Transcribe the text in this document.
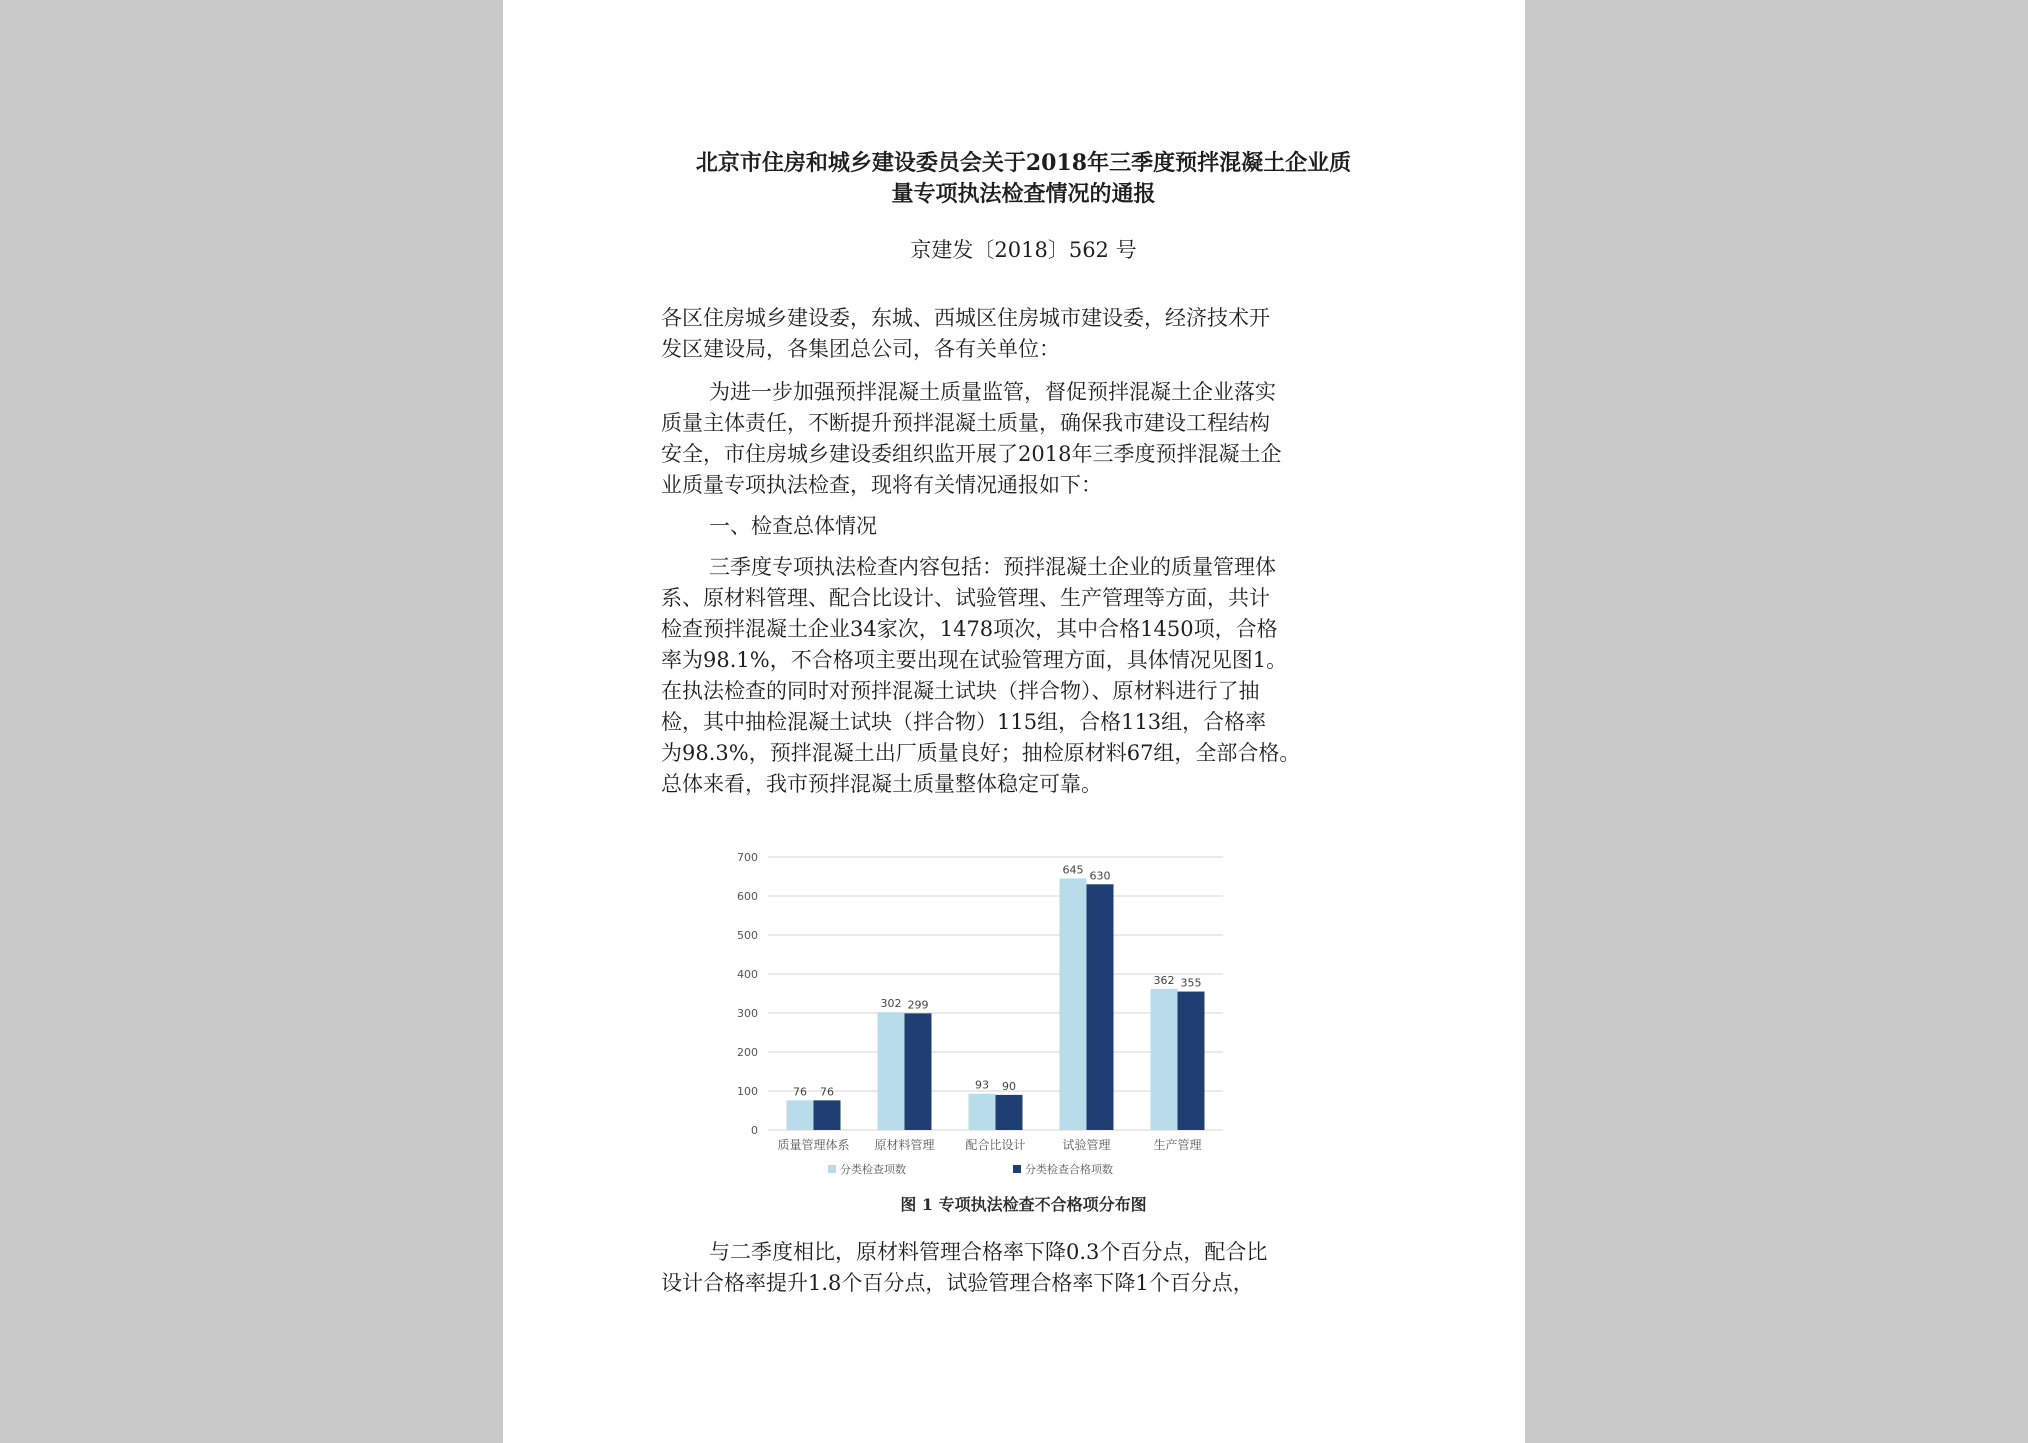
北京市住房和城乡建设委员会关于2018年三季度预拌混凝土企业质
量专项执法检查情况的通报
京建发〔2018〕562 号
各区住房城乡建设委，东城、西城区住房城市建设委，经济技术开
发区建设局，各集团总公司，各有关单位：
为进一步加强预拌混凝土质量监管，督促预拌混凝土企业落实
质量主体责任，不断提升预拌混凝土质量，确保我市建设工程结构
安全，市住房城乡建设委组织监开展了2018年三季度预拌混凝土企
业质量专项执法检查，现将有关情况通报如下：
一、检查总体情况
三季度专项执法检查内容包括：预拌混凝土企业的质量管理体
系、原材料管理、配合比设计、试验管理、生产管理等方面，共计
检查预拌混凝土企业34家次，1478项次，其中合格1450项，合格
率为98.1%，不合格项主要出现在试验管理方面，具体情况见图1。
在执法检查的同时对预拌混凝土试块（拌合物）、原材料进行了抽
检，其中抽检混凝土试块（拌合物）115组，合格113组，合格率
为98.3%，预拌混凝土出厂质量良好；抽检原材料67组，全部合格。
总体来看，我市预拌混凝土质量整体稳定可靠。
图 1 专项执法检查不合格项分布图
与二季度相比，原材料管理合格率下降0.3个百分点，配合比
设计合格率提升1.8个百分点，试验管理合格率下降1个百分点，
0
100
200
300
400
500
600
700
76 76
质量管理体系
302 299
原材料管理
93 90
配合比设计
645 630
试验管理
362 355
生产管理
分类检查项数	分类检查合格项数
